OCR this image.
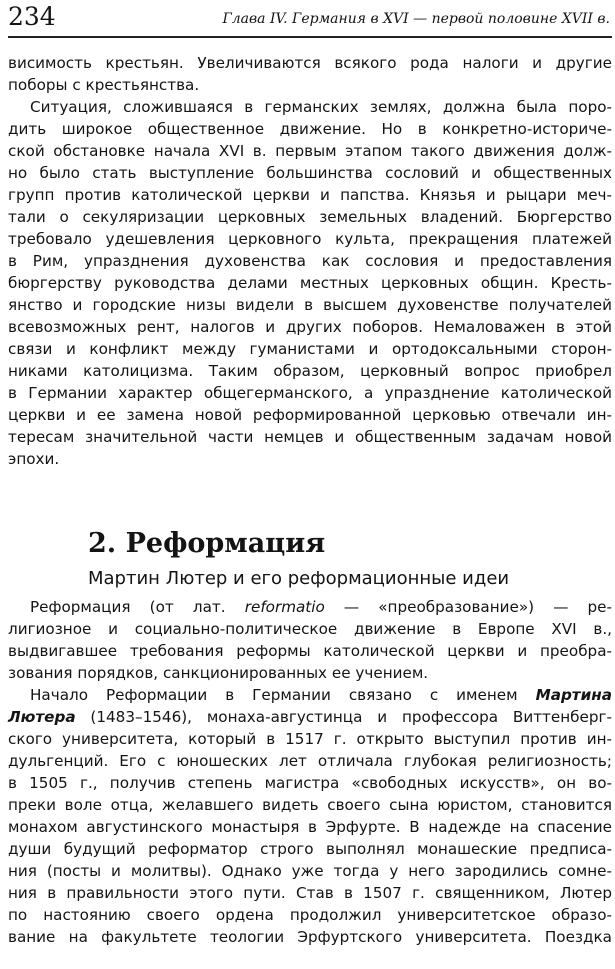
234	Глава IV. Германия в XVI — первой половине XVII в.
висимость крестьян. Увеличиваются всякого рода налоги и другие
поборы с крестьянства.
Ситуация, сложившаяся в германских землях, должна была поро-
дить широкое общественное движение. Но в конкретно-историче-
ской обстановке начала XVI в. первым этапом такого движения долж-
но было стать выступление большинства сословий и общественных
групп против католической церкви и папства. Князья и рыцари меч-
тали о секуляризации церковных земельных владений. Бюргерство
требовало удешевления церковного культа, прекращения платежей
в Рим, упразднения духовенства как сословия и предоставления
бюргерству руководства делами местных церковных общин. Кресть-
янство и городские низы видели в высшем духовенстве получателей
всевозможных рент, налогов и других поборов. Немаловажен в этой
связи и конфликт между гуманистами и ортодоксальными сторон-
никами католицизма. Таким образом, церковный вопрос приобрел
в Германии характер общегерманского, а упразднение католической
церкви и ее замена новой реформированной церковью отвечали ин-
тересам значительной части немцев и общественным задачам новой
эпохи.
2. Реформация
Мартин Лютер и его реформационные идеи
Реформация (от лат. reformatio — «преобразование») — ре-
лигиозное и социально-политическое движение в Европе XVI в.,
выдвигавшее требования реформы католической церкви и преобра-
зования порядков, санкционированных ее учением.
Начало Реформации в Германии связано с именем Мартина
Лютера (1483–1546), монаха-августинца и профессора Виттенберг-
ского университета, который в 1517 г. открыто выступил против ин-
дульгенций. Его с юношеских лет отличала глубокая религиозность;
в 1505 г., получив степень магистра «свободных искусств», он во-
преки воле отца, желавшего видеть своего сына юристом, становится
монахом августинского монастыря в Эрфурте. В надежде на спасение
души будущий реформатор строго выполнял монашеские предписа-
ния (посты и молитвы). Однако уже тогда у него зародились сомне-
ния в правильности этого пути. Став в 1507 г. священником, Лютер
по настоянию своего ордена продолжил университетское образо-
вание на факультете теологии Эрфуртского университета. Поездка
